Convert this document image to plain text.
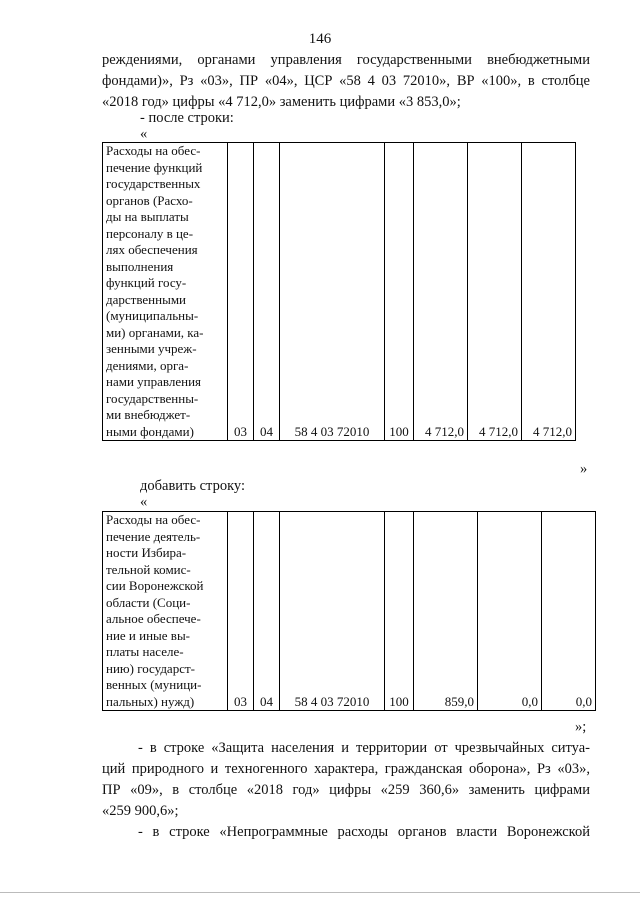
146
реждениями, органами управления государственными внебюджетными
фондами)», Рз «03», ПР «04», ЦСР «58 4 03 72010», ВР «100», в столбце
«2018 год» цифры «4 712,0» заменить цифрами «3 853,0»;
- после строки:
«
Расходы на обес-
печение функций
государственных
органов (Расхо-
ды на выплаты
персоналу в це-
лях обеспечения
выполнения
функций госу-
дарственными
(муниципальны-
ми) органами, ка-
зенными учреж-
дениями, орга-
нами управления
государственны-
ми внебюджет-
ными фондами)	03	04	58 4 03 72010	100	4 712,0	4 712,0	4 712,0
»
добавить строку:
«
Расходы на обес-
печение деятель-
ности Избира-
тельной комис-
сии Воронежской
области (Соци-
альное обеспече-
ние и иные вы-
платы населе-
нию) государст-
венных (муници-
пальных) нужд)	03	04	58 4 03 72010	100	859,0	0,0	0,0
»;
- в строке «Защита населения и территории от чрезвычайных ситуа-
ций природного и техногенного характера, гражданская оборона», Рз «03»,
ПР «09», в столбце «2018 год» цифры «259 360,6» заменить цифрами
«259 900,6»;
- в строке «Непрограммные расходы органов власти Воронежской
